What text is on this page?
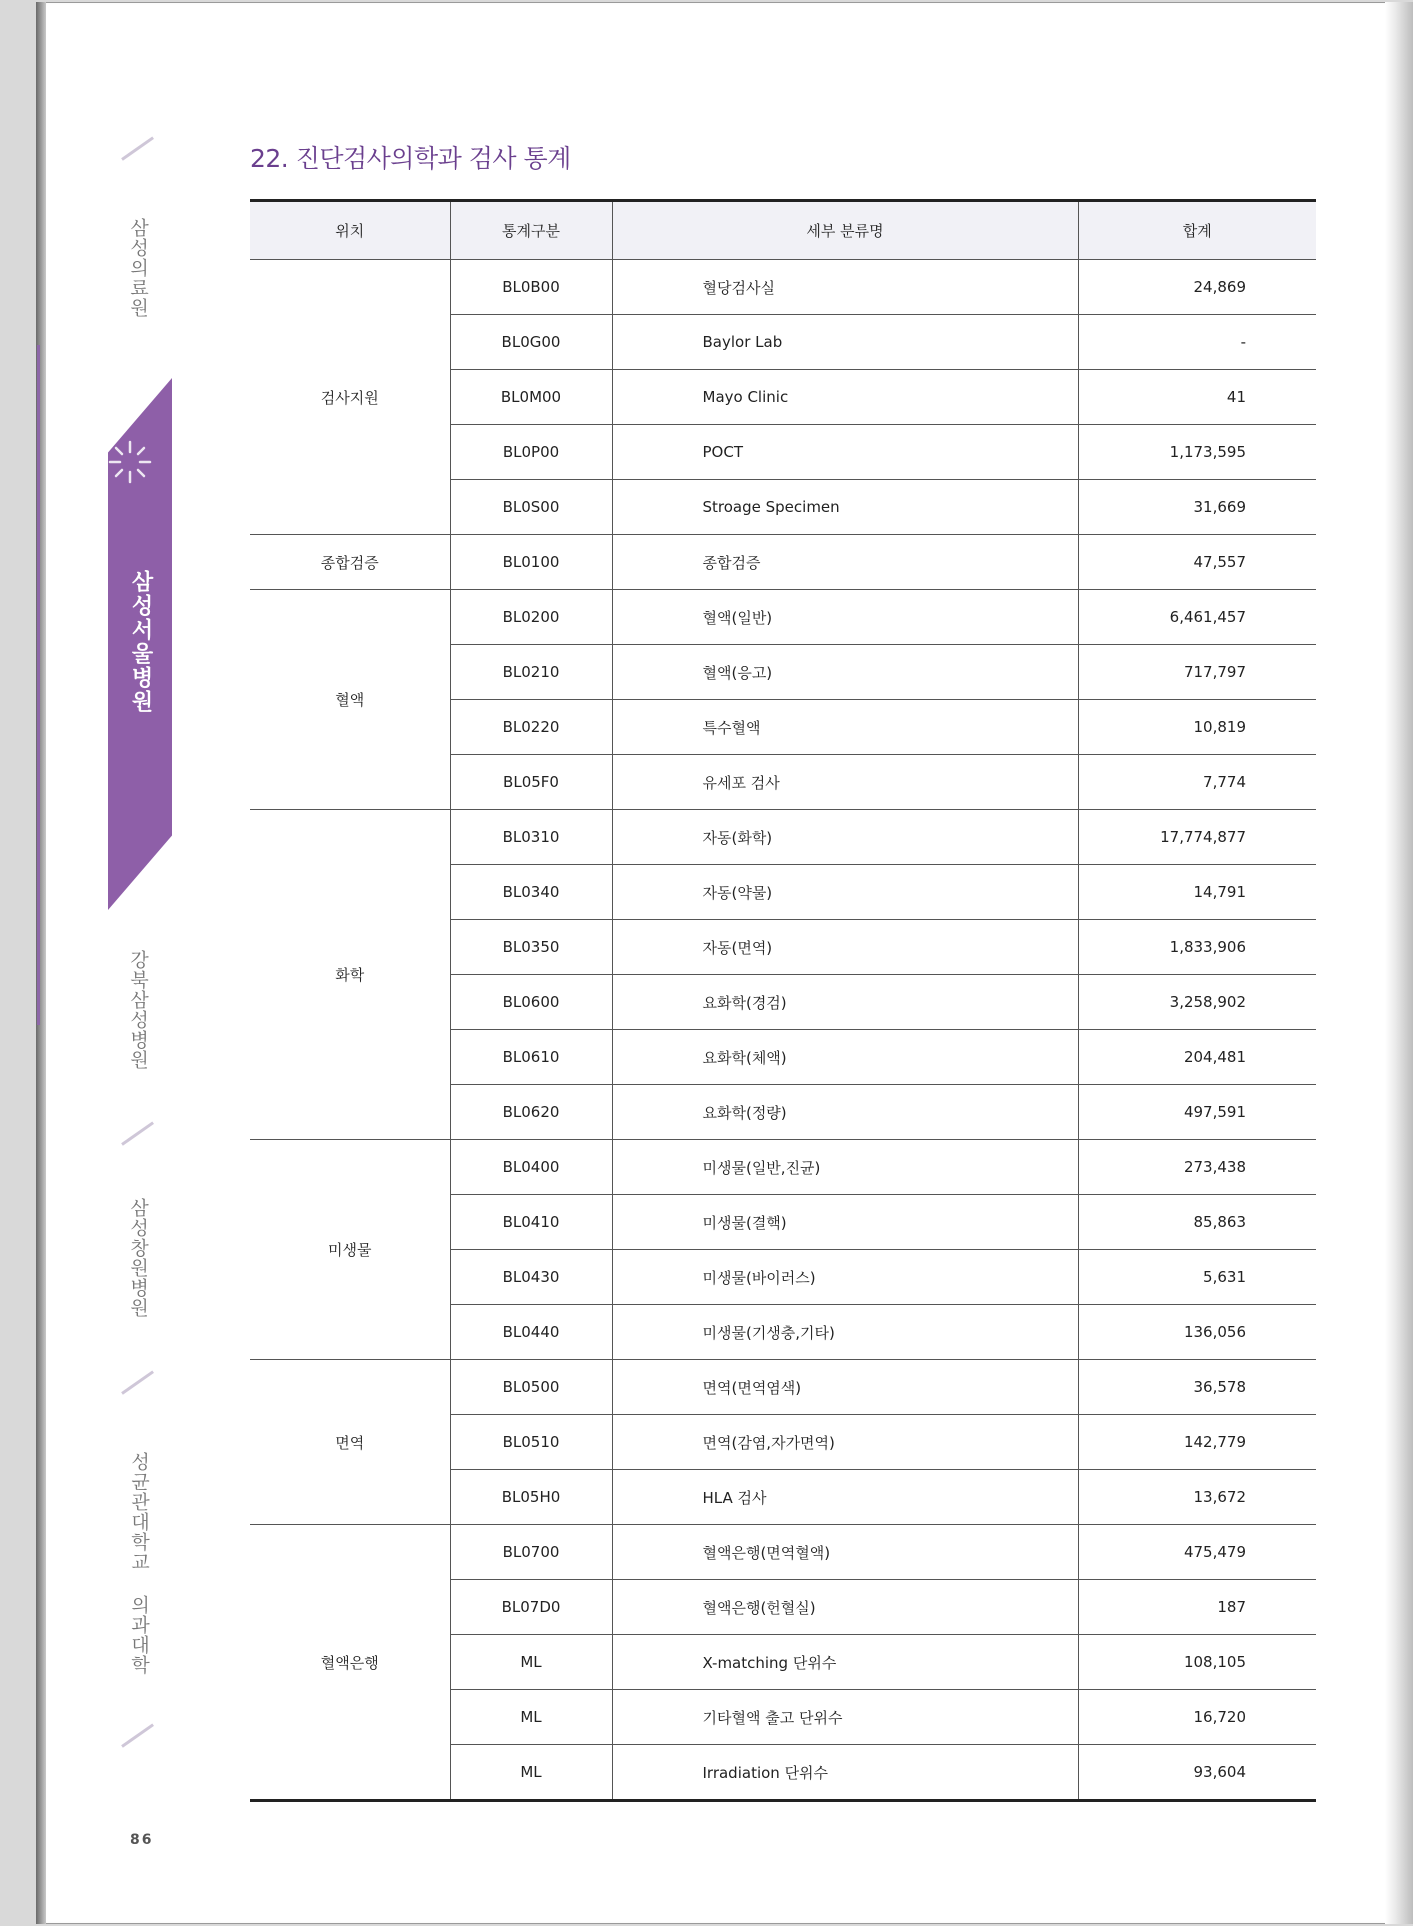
삼성의료원
삼성서울병원
강북삼성병원
삼성창원병원
성균관대학교 의과대학
86
22. 진단검사의학과 검사 통계
위치	통계구분	세부 분류명	합계
검사지원	BL0B00	혈당검사실	24,869
	BL0G00	Baylor Lab	-
	BL0M00	Mayo Clinic	41
	BL0P00	POCT	1,173,595
	BL0S00	Stroage Specimen	31,669
종합검증	BL0100	종합검증	47,557
혈액	BL0200	혈액(일반)	6,461,457
	BL0210	혈액(응고)	717,797
	BL0220	특수혈액	10,819
	BL05F0	유세포 검사	7,774
화학	BL0310	자동(화학)	17,774,877
	BL0340	자동(약물)	14,791
	BL0350	자동(면역)	1,833,906
	BL0600	요화학(경검)	3,258,902
	BL0610	요화학(체액)	204,481
	BL0620	요화학(정량)	497,591
미생물	BL0400	미생물(일반,진균)	273,438
	BL0410	미생물(결핵)	85,863
	BL0430	미생물(바이러스)	5,631
	BL0440	미생물(기생충,기타)	136,056
면역	BL0500	면역(면역염색)	36,578
	BL0510	면역(감염,자가면역)	142,779
	BL05H0	HLA 검사	13,672
혈액은행	BL0700	혈액은행(면역혈액)	475,479
	BL07D0	혈액은행(헌혈실)	187
	ML	X-matching 단위수	108,105
	ML	기타혈액 출고 단위수	16,720
	ML	Irradiation 단위수	93,604
